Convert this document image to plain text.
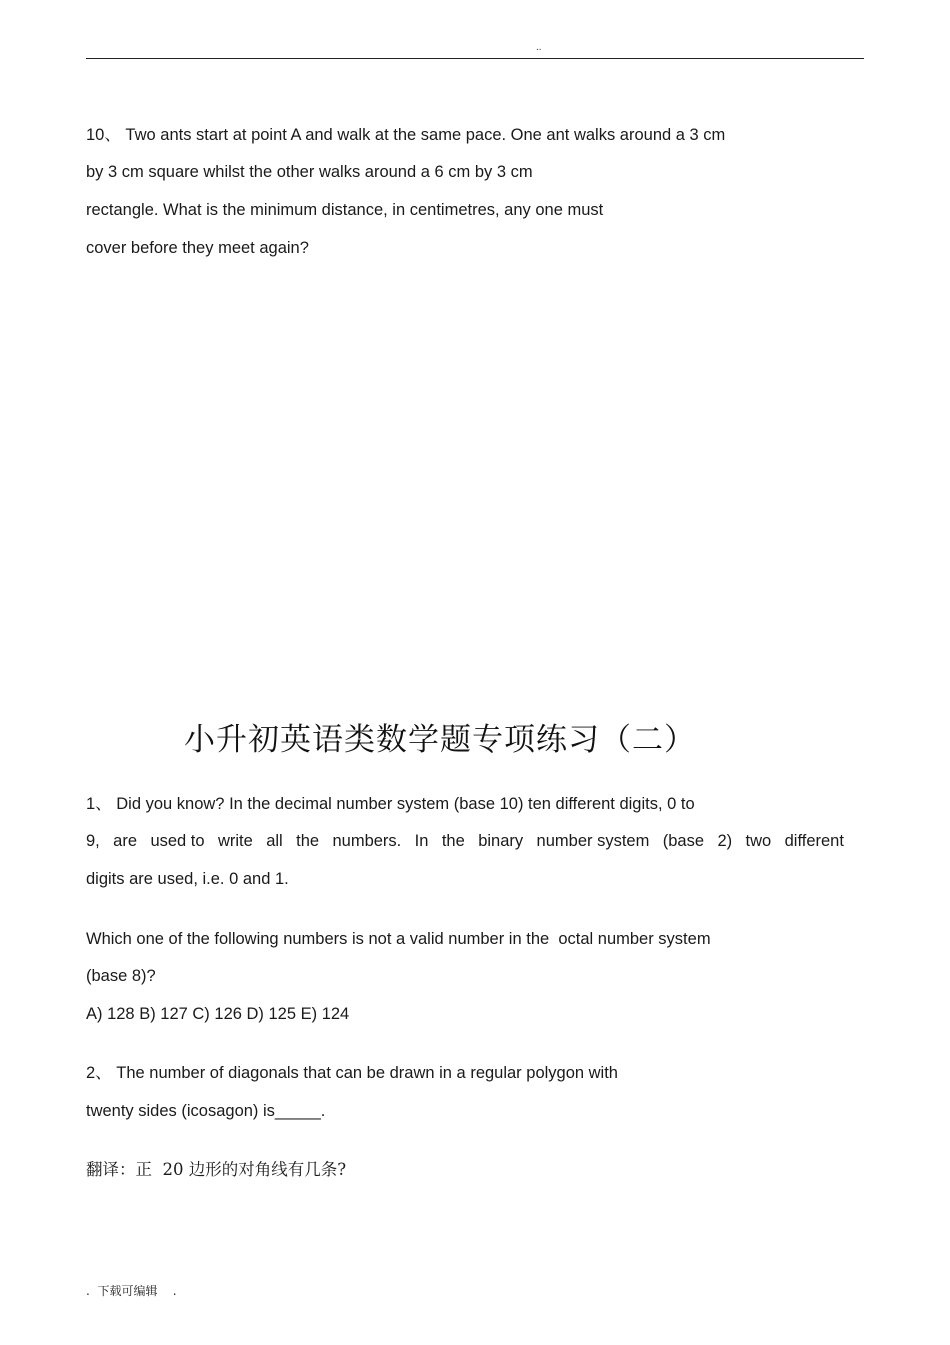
..
10、 Two ants start at point A and walk at the same pace. One ant walks around a 3 cm
by 3 cm square whilst the other walks around a 6 cm by 3 cm
rectangle. What is the minimum distance, in centimetres, any one must
cover before they meet again?
小升初英语类数学题专项练习（二）
1、 Did you know? In the decimal number system (base 10) ten different digits, 0 to
9, are used to write all the numbers. In the binary number system (base 2) two different
digits are used, i.e. 0 and 1.
Which one of the following numbers is not a valid number in the  octal number system
(base 8)?
A) 128 B) 127 C) 126 D) 125 E) 124
2、 The number of diagonals that can be drawn in a regular polygon with
twenty sides (icosagon) is_____.
翻译：正  20 边形的对角线有几条?
.  下载可编辑    .
